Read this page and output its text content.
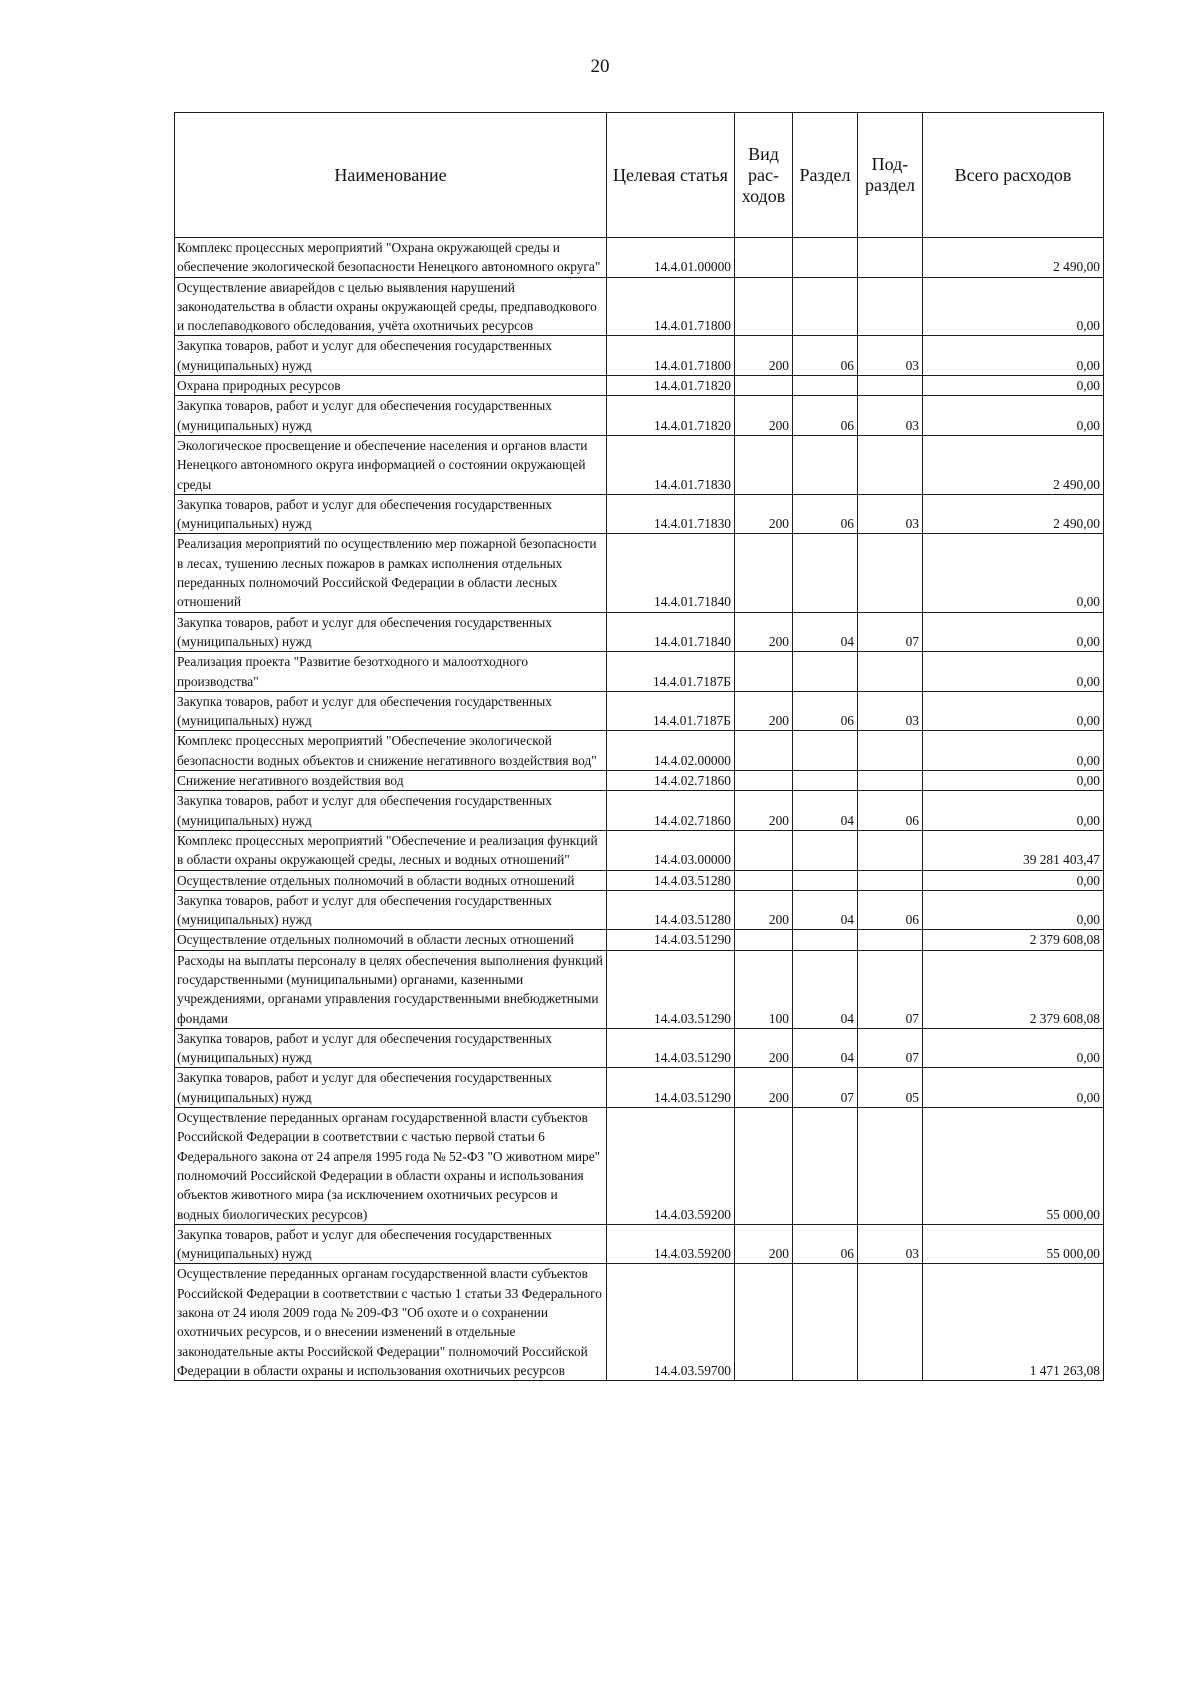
20
Наименование	Целевая статья	Вид рас-ходов	Раздел	Под-раздел	Всего расходов
Комплекс процессных мероприятий "Охрана окружающей среды и обеспечение экологической безопасности Ненецкого автономного округа"	14.4.01.00000				2 490,00
Осуществление авиарейдов с целью выявления нарушений законодательства в области охраны окружающей среды, предпаводкового и послепаводкового обследования, учёта охотничьих ресурсов	14.4.01.71800				0,00
Закупка товаров, работ и услуг для обеспечения государственных (муниципальных) нужд	14.4.01.71800	200	06	03	0,00
Охрана природных ресурсов	14.4.01.71820				0,00
Закупка товаров, работ и услуг для обеспечения государственных (муниципальных) нужд	14.4.01.71820	200	06	03	0,00
Экологическое просвещение и обеспечение населения и органов власти Ненецкого автономного округа информацией о состоянии окружающей среды	14.4.01.71830				2 490,00
Закупка товаров, работ и услуг для обеспечения государственных (муниципальных) нужд	14.4.01.71830	200	06	03	2 490,00
Реализация мероприятий по осуществлению мер пожарной безопасности в лесах, тушению лесных пожаров в рамках исполнения отдельных переданных полномочий Российской Федерации в области лесных отношений	14.4.01.71840				0,00
Закупка товаров, работ и услуг для обеспечения государственных (муниципальных) нужд	14.4.01.71840	200	04	07	0,00
Реализация проекта "Развитие безотходного и малоотходного производства"	14.4.01.7187Б				0,00
Закупка товаров, работ и услуг для обеспечения государственных (муниципальных) нужд	14.4.01.7187Б	200	06	03	0,00
Комплекс процессных мероприятий "Обеспечение экологической безопасности водных объектов и снижение негативного воздействия вод"	14.4.02.00000				0,00
Снижение негативного воздействия вод	14.4.02.71860				0,00
Закупка товаров, работ и услуг для обеспечения государственных (муниципальных) нужд	14.4.02.71860	200	04	06	0,00
Комплекс процессных мероприятий "Обеспечение и реализация функций в области охраны окружающей среды, лесных и водных отношений"	14.4.03.00000				39 281 403,47
Осуществление отдельных полномочий в области водных отношений	14.4.03.51280				0,00
Закупка товаров, работ и услуг для обеспечения государственных (муниципальных) нужд	14.4.03.51280	200	04	06	0,00
Осуществление отдельных полномочий в области лесных отношений	14.4.03.51290				2 379 608,08
Расходы на выплаты персоналу в целях обеспечения выполнения функций государственными (муниципальными) органами, казенными учреждениями, органами управления государственными внебюджетными фондами	14.4.03.51290	100	04	07	2 379 608,08
Закупка товаров, работ и услуг для обеспечения государственных (муниципальных) нужд	14.4.03.51290	200	04	07	0,00
Закупка товаров, работ и услуг для обеспечения государственных (муниципальных) нужд	14.4.03.51290	200	07	05	0,00
Осуществление переданных органам государственной власти субъектов Российской Федерации в соответствии с частью первой статьи 6 Федерального закона от 24 апреля 1995 года № 52-ФЗ "О животном мире" полномочий Российской Федерации в области охраны и использования объектов животного мира (за исключением охотничьих ресурсов и водных биологических ресурсов)	14.4.03.59200				55 000,00
Закупка товаров, работ и услуг для обеспечения государственных (муниципальных) нужд	14.4.03.59200	200	06	03	55 000,00
Осуществление переданных органам государственной власти субъектов Российской Федерации в соответствии с частью 1 статьи 33 Федерального закона от 24 июля 2009 года № 209-ФЗ "Об охоте и о сохранении охотничьих ресурсов, и о внесении изменений в отдельные законодательные акты Российской Федерации" полномочий Российской Федерации в области охраны и использования охотничьих ресурсов	14.4.03.59700				1 471 263,08
